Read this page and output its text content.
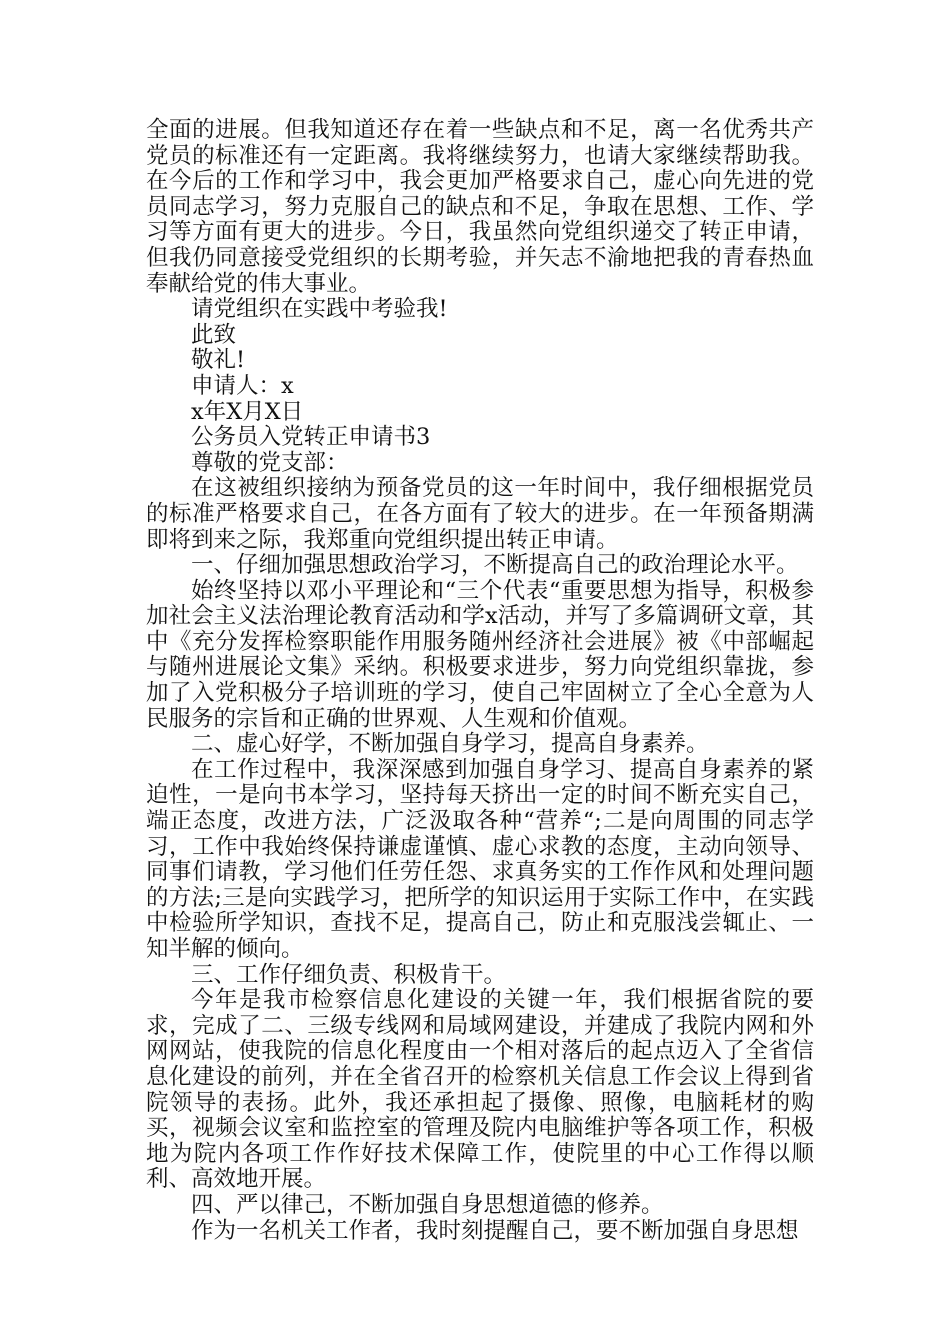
全面的进展。但我知道还存在着一些缺点和不足，离一名优秀共产党员的标准还有一定距离。我将继续努力，也请大家继续帮助我。在今后的工作和学习中，我会更加严格要求自己，虚心向先进的党员同志学习，努力克服自己的缺点和不足，争取在思想、工作、学习等方面有更大的进步。今日，我虽然向党组织递交了转正申请，但我仍同意接受党组织的长期考验，并矢志不渝地把我的青春热血奉献给党的伟大事业。

请党组织在实践中考验我!

此致

敬礼!

申请人：x

x年X月X日

公务员入党转正申请书3

尊敬的党支部：

在这被组织接纳为预备党员的这一年时间中，我仔细根据党员的标准严格要求自己，在各方面有了较大的进步。在一年预备期满即将到来之际，我郑重向党组织提出转正申请。

一、仔细加强思想政治学习，不断提高自己的政治理论水平。

始终坚持以邓小平理论和“三个代表“重要思想为指导，积极参加社会主义法治理论教育活动和学x活动，并写了多篇调研文章，其中《充分发挥检察职能作用服务随州经济社会进展》被《中部崛起与随州进展论文集》采纳。积极要求进步，努力向党组织靠拢，参加了入党积极分子培训班的学习，使自己牢固树立了全心全意为人民服务的宗旨和正确的世界观、人生观和价值观。

二、虚心好学，不断加强自身学习，提高自身素养。

在工作过程中，我深深感到加强自身学习、提高自身素养的紧迫性，一是向书本学习，坚持每天挤出一定的时间不断充实自己，端正态度，改进方法，广泛汲取各种“营养“;二是向周围的同志学习，工作中我始终保持谦虚谨慎、虚心求教的态度，主动向领导、同事们请教，学习他们任劳任怨、求真务实的工作作风和处理问题的方法;三是向实践学习，把所学的知识运用于实际工作中，在实践中检验所学知识，查找不足，提高自己，防止和克服浅尝辄止、一知半解的倾向。

三、工作仔细负责、积极肯干。

今年是我市检察信息化建设的关键一年，我们根据省院的要求，完成了二、三级专线网和局域网建设，并建成了我院内网和外网网站，使我院的信息化程度由一个相对落后的起点迈入了全省信息化建设的前列，并在全省召开的检察机关信息工作会议上得到省院领导的表扬。此外，我还承担起了摄像、照像，电脑耗材的购买，视频会议室和监控室的管理及院内电脑维护等各项工作，积极地为院内各项工作作好技术保障工作，使院里的中心工作得以顺利、高效地开展。

四、严以律己，不断加强自身思想道德的修养。

作为一名机关工作者，我时刻提醒自己，要不断加强自身思想
